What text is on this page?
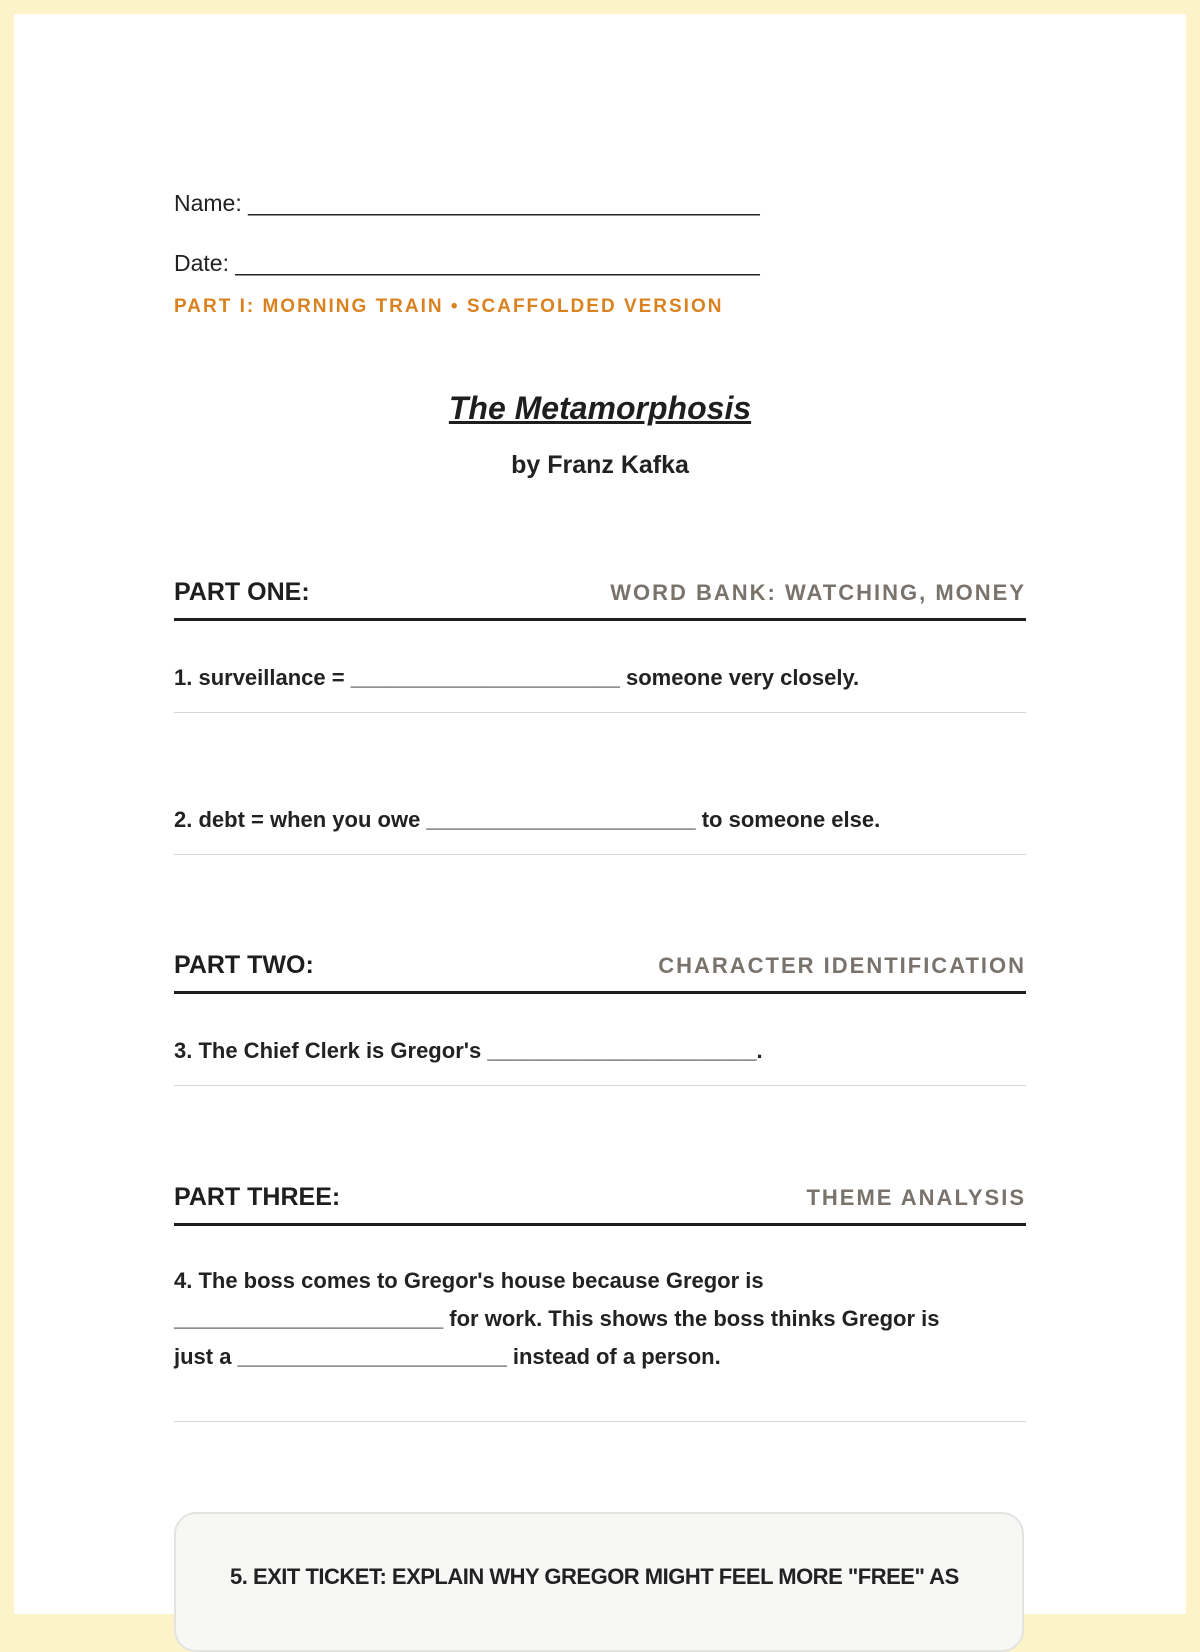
Name: ________________________________________
Date: _________________________________________
PART I: MORNING TRAIN • SCAFFOLDED VERSION
The Metamorphosis
by Franz Kafka
PART ONE:	WORD BANK: WATCHING, MONEY
1. surveillance = ______________________ someone very closely.
2. debt = when you owe ______________________ to someone else.
PART TWO:	CHARACTER IDENTIFICATION
3. The Chief Clerk is Gregor's ______________________.
PART THREE:	THEME ANALYSIS
4. The boss comes to Gregor's house because Gregor is
______________________ for work. This shows the boss thinks Gregor is
just a ______________________ instead of a person.
5. EXIT TICKET: EXPLAIN WHY GREGOR MIGHT FEEL MORE "FREE" AS
